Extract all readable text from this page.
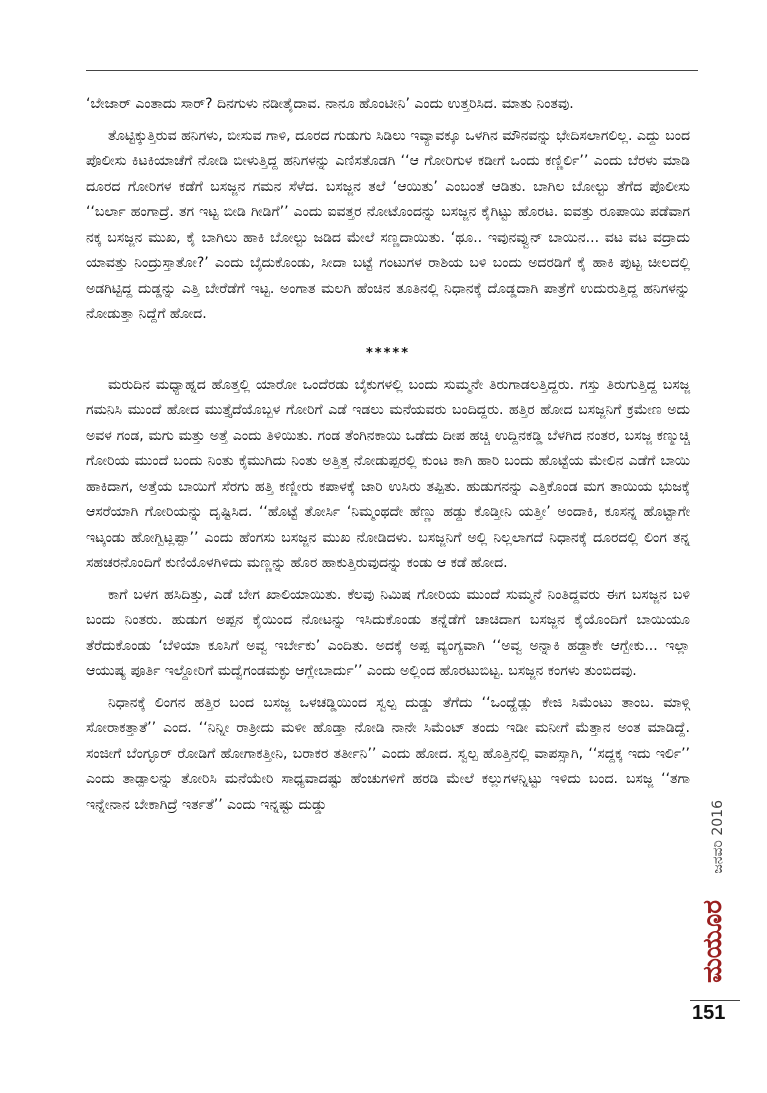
‘ಬೇಜಾರ್ ಎಂತಾದು ಸಾರ್? ದಿನಗುಳು ನಡೀತೈದಾವ. ನಾನೂ ಹೊಂಟೀನಿ’ ಎಂದು ಉತ್ತರಿಸಿದ. ಮಾತು ನಿಂತವು.

ತೊಟ್ಟಿಕ್ಕುತ್ತಿರುವ ಹನಿಗಳು, ಬೀಸುವ ಗಾಳಿ, ದೂರದ ಗುಡುಗು ಸಿಡಿಲು ಇವ್ಯಾವಕ್ಕೂ ಒಳಗಿನ ಮೌನವನ್ನು ಭೇದಿಸಲಾಗಲಿಲ್ಲ. ಎದ್ದು ಬಂದ ಪೊಲೀಸು ಕಿಟಕಿಯಾಚೆಗೆ ನೋಡಿ ಬೀಳುತ್ತಿದ್ದ ಹನಿಗಳನ್ನು ಎಣಿಸತೊಡಗಿ ‘‘ಆ ಗೋರಿಗುಳ ಕಡೀಗೆ ಒಂದು ಕಣ್ಣಿರ್ಲಿ’’ ಎಂದು ಬೆರಳು ಮಾಡಿ ದೂರದ ಗೋರಿಗಳ ಕಡೆಗೆ ಬಸಜ್ಜನ ಗಮನ ಸೆಳೆದ. ಬಸಜ್ಜನ ತಲೆ ‘ಆಯಿತು’ ಎಂಬಂತೆ ಆಡಿತು. ಬಾಗಿಲ ಬೋಲ್ಟು ತೆಗೆದ ಪೊಲೀಸು ‘‘ಬರ್ಲಾ ಹಂಗಾದ್ರೆ. ತಗ ಇಟ್ಟ ಬೀಡಿ ಗೀಡಿಗೆ’’ ಎಂದು ಐವತ್ತರ ನೋಟೊಂದನ್ನು ಬಸಜ್ಜನ ಕೈಗಿಟ್ಟು ಹೊರಟ. ಐವತ್ತು ರೂಪಾಯಿ ಪಡೆವಾಗ ನಕ್ಕ ಬಸಜ್ಜನ ಮುಖ, ಕೈ ಬಾಗಿಲು ಹಾಕಿ ಬೋಲ್ಟು ಜಡಿದ ಮೇಲೆ ಸಣ್ಣದಾಯಿತು. ‘ಥೂ.. ಇವುನವ್ವುನ್ ಬಾಯಿನ... ವಟ ವಟ ವದ್ರಾದು ಯಾವತ್ತು ನಿಂದ್ರುಸ್ತಾತೋ?’ ಎಂದು ಬೈದುಕೊಂಡು, ಸೀದಾ ಬಟ್ಟೆ ಗಂಟುಗಳ ರಾಶಿಯ ಬಳಿ ಬಂದು ಅದರಡಿಗೆ ಕೈ ಹಾಕಿ ಪುಟ್ಟ ಚೀಲದಲ್ಲಿ ಅಡಗಿಟ್ಟಿದ್ದ ದುಡ್ಡನ್ನು ಎತ್ತಿ ಬೇರೆಡೆಗೆ ಇಟ್ಟ. ಅಂಗಾತ ಮಲಗಿ ಹೆಂಚಿನ ತೂತಿನಲ್ಲಿ ನಿಧಾನಕ್ಕೆ ದೊಡ್ಡದಾಗಿ ಪಾತ್ರೆಗೆ ಉದುರುತ್ತಿದ್ದ ಹನಿಗಳನ್ನು ನೋಡುತ್ತಾ ನಿದ್ದೆಗೆ ಹೋದ.

*****

ಮರುದಿನ ಮಧ್ಯಾಹ್ನದ ಹೊತ್ತಲ್ಲಿ ಯಾರೋ ಒಂದೆರಡು ಬೈಕುಗಳಲ್ಲಿ ಬಂದು ಸುಮ್ಮನೇ ತಿರುಗಾಡಲತ್ತಿದ್ದರು. ಗಸ್ತು ತಿರುಗುತ್ತಿದ್ದ ಬಸಜ್ಜ ಗಮನಿಸಿ ಮುಂದೆ ಹೋದ ಮುತ್ತೈದೆಯೊಬ್ಬಳ ಗೋರಿಗೆ ಎಡೆ ಇಡಲು ಮನೆಯವರು ಬಂದಿದ್ದರು. ಹತ್ತಿರ ಹೋದ ಬಸಜ್ಜನಿಗೆ ಕ್ರಮೇಣ ಅದು ಅವಳ ಗಂಡ, ಮಗು ಮತ್ತು ಅತ್ತೆ ಎಂದು ತಿಳಿಯಿತು. ಗಂಡ ತೆಂಗಿನಕಾಯಿ ಒಡೆದು ದೀಪ ಹಚ್ಚಿ ಉದ್ದಿನಕಡ್ಡಿ ಬೆಳಗಿದ ನಂತರ, ಬಸಜ್ಜ ಕಣ್ಮುಚ್ಚಿ ಗೋರಿಯ ಮುಂದೆ ಬಂದು ನಿಂತು ಕೈಮುಗಿದು ನಿಂತು ಅತ್ತಿತ್ತ ನೋಡುಪ್ಪರಲ್ಲಿ ಕುಂಟ ಕಾಗಿ ಹಾರಿ ಬಂದು ಹೊಟ್ಟೆಯ ಮೇಲಿನ ಎಡೆಗೆ ಬಾಯಿ ಹಾಕಿದಾಗ, ಅತ್ತೆಯ ಬಾಯಿಗೆ ಸೆರಗು ಹತ್ತಿ ಕಣ್ಣೀರು ಕಪಾಳಕ್ಕೆ ಜಾರಿ ಉಸಿರು ತಪ್ಪಿತು. ಹುಡುಗನನ್ನು ಎತ್ತಿಕೊಂಡ ಮಗ ತಾಯಿಯ ಭುಜಕ್ಕೆ ಆಸರೆಯಾಗಿ ಗೋರಿಯನ್ನು ದೃಷ್ಟಿಸಿದ. ‘‘ಹೊಟ್ಟೆ ತೋರ್ಸಿ ‘ನಿಮ್ಮಂಥದೇ ಹೆಣ್ಣು ಹಡ್ದು ಕೊಡ್ತೀನಿ ಯತ್ತೀ’ ಅಂದಾಕಿ, ಕೂಸನ್ನ ಹೊಟ್ಟಾಗೇ ಇಟ್ಕಂಡು ಹೋಗ್ಬಿಟ್ಲಪ್ಪಾ’’ ಎಂದು ಹೆಂಗಸು ಬಸಜ್ಜನ ಮುಖ ನೋಡಿದಳು. ಬಸಜ್ಜನಿಗೆ ಅಲ್ಲಿ ನಿಲ್ಲಲಾಗದೆ ನಿಧಾನಕ್ಕೆ ದೂರದಲ್ಲಿ ಲಿಂಗ ತನ್ನ ಸಹಚರನೊಂದಿಗೆ ಕುಣಿಯೊಳಗಿಳಿದು ಮಣ್ಣನ್ನು ಹೊರ ಹಾಕುತ್ತಿರುವುದನ್ನು ಕಂಡು ಆ ಕಡೆ ಹೋದ.

ಕಾಗೆ ಬಳಗ ಹಸಿದಿತ್ತು, ಎಡೆ ಬೇಗ ಖಾಲಿಯಾಯಿತು. ಕೆಲವು ನಿಮಿಷ ಗೋರಿಯ ಮುಂದೆ ಸುಮ್ಮನೆ ನಿಂತಿದ್ದವರು ಈಗ ಬಸಜ್ಜನ ಬಳಿ ಬಂದು ನಿಂತರು. ಹುಡುಗ ಅಪ್ಪನ ಕೈಯಿಂದ ನೋಟನ್ನು ಇಸಿದುಕೊಂಡು ತನ್ನೆಡೆಗೆ ಚಾಚಿದಾಗ ಬಸಜ್ಜನ ಕೈಯೊಂದಿಗೆ ಬಾಯಿಯೂ ತೆರೆದುಕೊಂಡು ‘ಬೆಳಿಯಾ ಕೂಸಿಗೆ ಅವ್ವ ಇರ್ಬೇಕು’ ಎಂದಿತು. ಅದಕ್ಕೆ ಅಪ್ಪ ವ್ಯಂಗ್ಯವಾಗಿ ‘‘ಅವ್ವ ಅನ್ನಾಕಿ ಹಡ್ದಾಕೇ ಆಗ್ಬೇಕು... ಇಲ್ಲಾ ಆಯುಷ್ಯ ಪೂರ್ತಿ ಇಲ್ದೋರಿಗೆ ಮದ್ವೆಗಂಡಮಕ್ಳು ಆಗ್ಲೇಬಾರ್ದು’’ ಎಂದು ಅಲ್ಲಿಂದ ಹೊರಟುಬಿಟ್ಟ. ಬಸಜ್ಜನ ಕಂಗಳು ತುಂಬಿದವು.

ನಿಧಾನಕ್ಕೆ ಲಿಂಗನ ಹತ್ತಿರ ಬಂದ ಬಸಜ್ಜ ಒಳಚಡ್ಡಿಯಿಂದ ಸ್ವಲ್ಪ ದುಡ್ಡು ತೆಗೆದು ‘‘ಒಂದ್ಹೆಡ್ಲು ಕೇಜಿ ಸಿಮೆಂಟು ತಾಂಬ. ಮಾಳ್ಗಿ ಸೋರಾಕತ್ತಾತೆ’’ ಎಂದ. ‘‘ನಿನ್ನೀ ರಾತ್ರೀದು ಮಳೀ ಹೊಡ್ತಾ ನೋಡಿ ನಾನೇ ಸಿಮೆಂಟ್ ತಂದು ಇಡೀ ಮನೀಗೆ ಮೆತ್ತಾನ ಅಂತ ಮಾಡಿದ್ದೆ. ಸಂಜೀಗೆ ಬೆಂಗ್ಳೂರ್ ರೋಡಿಗೆ ಹೋಗಾಕತ್ತೀನಿ, ಬರಾಕರ ತರ್ತೀನಿ’’ ಎಂದು ಹೋದ. ಸ್ವಲ್ಪ ಹೊತ್ತಿನಲ್ಲಿ ವಾಪಸ್ಸಾಗಿ, ‘‘ಸದ್ದಕ್ಕ ಇದು ಇರ್ಲಿ’’ ಎಂದು ತಾಡ್ಪಾಲನ್ನು ತೋರಿಸಿ ಮನೆಯೇರಿ ಸಾಧ್ಯವಾದಷ್ಟು ಹೆಂಚುಗಳಿಗೆ ಹರಡಿ ಮೇಲೆ ಕಲ್ಲುಗಳನ್ನಿಟ್ಟು ಇಳಿದು ಬಂದ. ಬಸಜ್ಜ ‘‘ತಗಾ ಇನ್ನೇನಾನ ಬೇಕಾಗಿದ್ರೆ ಇರ್ತತೆ’’ ಎಂದು ಇನ್ನಷ್ಟು ದುಡ್ಡು	ಜನವರಿ 2016
ಮಯೂರ
151
